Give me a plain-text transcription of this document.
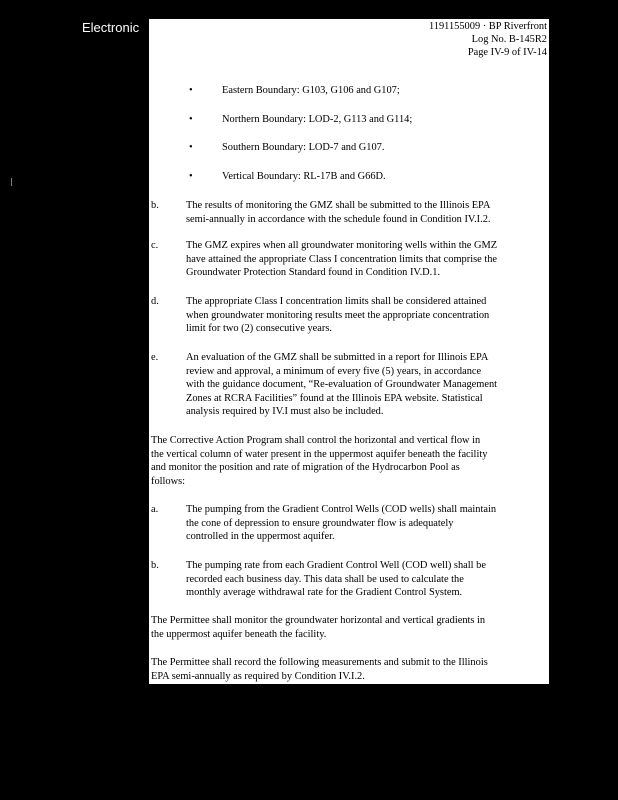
Electronic	1191155009 · BP Riverfront
Log No. B-145R2
Page IV-9 of IV-14
•	Eastern Boundary: G103, G106 and G107;
•	Northern Boundary: LOD-2, G113 and G114;
•	Southern Boundary: LOD-7 and G107.
•	Vertical Boundary: RL-17B and G66D.
b.	The results of monitoring the GMZ shall be submitted to the Illinois EPA
semi-annually in accordance with the schedule found in Condition IV.I.2.
c.	The GMZ expires when all groundwater monitoring wells within the GMZ
have attained the appropriate Class I concentration limits that comprise the
Groundwater Protection Standard found in Condition IV.D.1.
d.	The appropriate Class I concentration limits shall be considered attained
when groundwater monitoring results meet the appropriate concentration
limit for two (2) consecutive years.
e.	An evaluation of the GMZ shall be submitted in a report for Illinois EPA
review and approval, a minimum of every five (5) years, in accordance
with the guidance document, “Re-evaluation of Groundwater Management
Zones at RCRA Facilities” found at the Illinois EPA website. Statistical
analysis required by IV.I must also be included.
The Corrective Action Program shall control the horizontal and vertical flow in
the vertical column of water present in the uppermost aquifer beneath the facility
and monitor the position and rate of migration of the Hydrocarbon Pool as
follows:
a.	The pumping from the Gradient Control Wells (COD wells) shall maintain
the cone of depression to ensure groundwater flow is adequately
controlled in the uppermost aquifer.
b.	The pumping rate from each Gradient Control Well (COD well) shall be
recorded each business day. This data shall be used to calculate the
monthly average withdrawal rate for the Gradient Control System.
The Permittee shall monitor the groundwater horizontal and vertical gradients in
the uppermost aquifer beneath the facility.
The Permittee shall record the following measurements and submit to the Illinois
EPA semi-annually as required by Condition IV.I.2.
